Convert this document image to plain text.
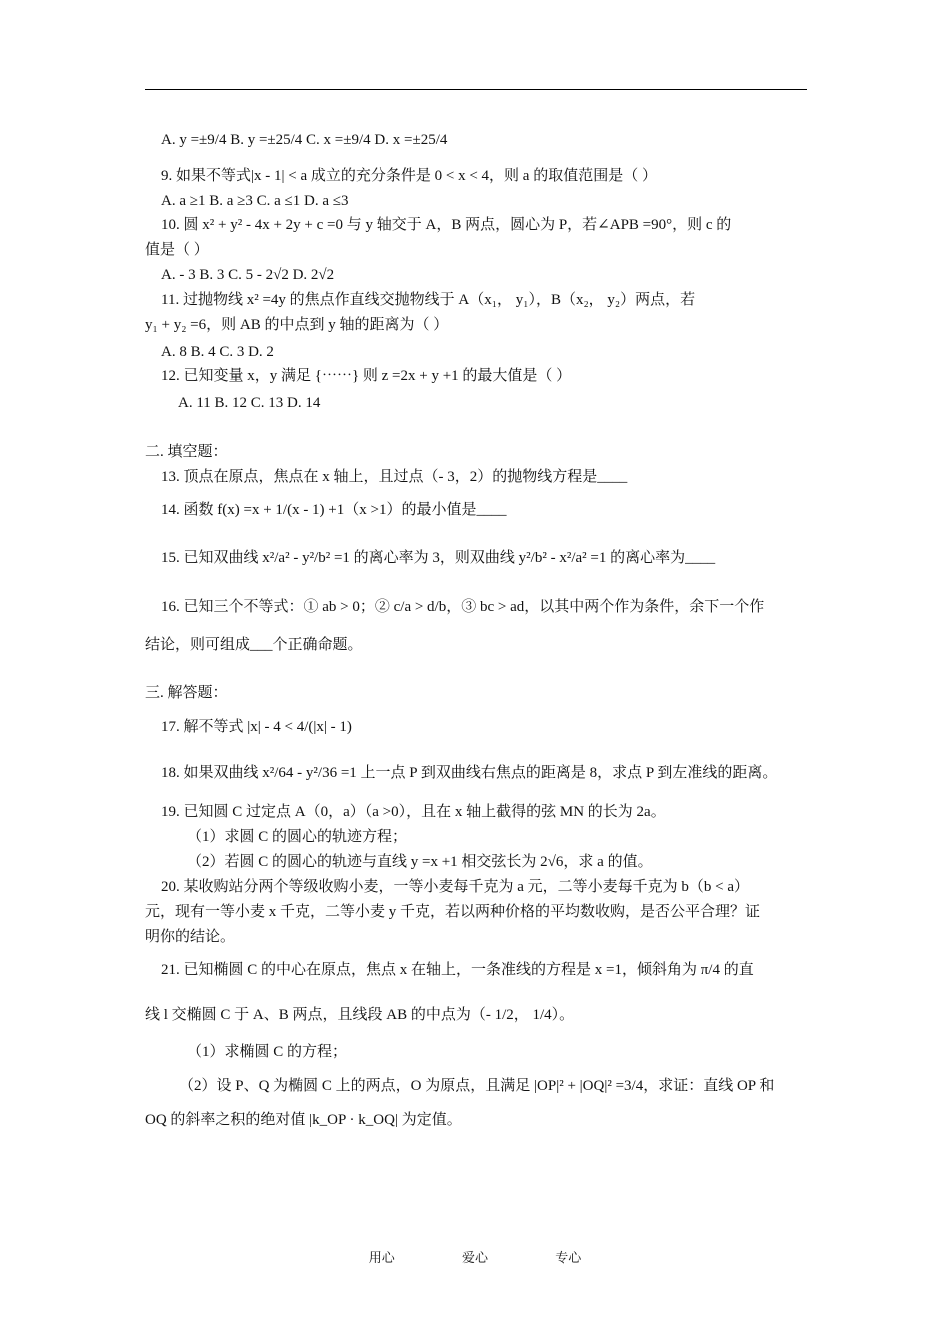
A. y =±9/4 B. y =±25/4 C. x =±9/4 D. x =±25/4
9. 如果不等式|x - 1| < a 成立的充分条件是 0 < x < 4，则 a 的取值范围是（ ）
A. a ≥1 B. a ≥3 C. a ≤1 D. a ≤3
10. 圆 x² + y² - 4x + 2y + c =0 与 y 轴交于 A，B 两点，圆心为 P，若∠APB =90°，则 c 的
值是（ ）
A. - 3 B. 3 C. 5 - 2√2 D. 2√2
11. 过抛物线 x² =4y 的焦点作直线交抛物线于 A（x₁， y₁），B（x₂， y₂）两点，若
y₁ + y₂ =6，则 AB 的中点到 y 轴的距离为（ ）
A. 8 B. 4 C. 3 D. 2
12. 已知变量 x，y 满足 {⋯⋯} 则 z =2x + y +1 的最大值是（ ）
A. 11 B. 12 C. 13 D. 14
二. 填空题：
13. 顶点在原点，焦点在 x 轴上，且过点（- 3，2）的抛物线方程是____
14. 函数 f(x) =x + 1/(x - 1) +1（x >1）的最小值是____
15. 已知双曲线 x²/a² - y²/b² =1 的离心率为 3，则双曲线 y²/b² - x²/a² =1 的离心率为____
16. 已知三个不等式：① ab > 0；② c/a > d/b，③ bc > ad，以其中两个作为条件，余下一个作
结论，则可组成___个正确命题。
三. 解答题：
17. 解不等式 |x| - 4 < 4/(|x| - 1)
18. 如果双曲线 x²/64 - y²/36 =1 上一点 P 到双曲线右焦点的距离是 8，求点 P 到左准线的距离。
19. 已知圆 C 过定点 A（0，a）（a >0），且在 x 轴上截得的弦 MN 的长为 2a。
（1）求圆 C 的圆心的轨迹方程；
（2）若圆 C 的圆心的轨迹与直线 y =x +1 相交弦长为 2√6，求 a 的值。
20. 某收购站分两个等级收购小麦，一等小麦每千克为 a 元，二等小麦每千克为 b（b < a）
元，现有一等小麦 x 千克，二等小麦 y 千克，若以两种价格的平均数收购，是否公平合理？证
明你的结论。
21. 已知椭圆 C 的中心在原点，焦点 x 在轴上，一条准线的方程是 x =1，倾斜角为 π/4 的直
线 l 交椭圆 C 于 A、B 两点，且线段 AB 的中点为（- 1/2， 1/4）。
（1）求椭圆 C 的方程；
（2）设 P、Q 为椭圆 C 上的两点，O 为原点，且满足 |OP|² + |OQ|² =3/4，求证：直线 OP 和
OQ 的斜率之积的绝对值 |k_OP · k_OQ| 为定值。
用心	爱心	专心
